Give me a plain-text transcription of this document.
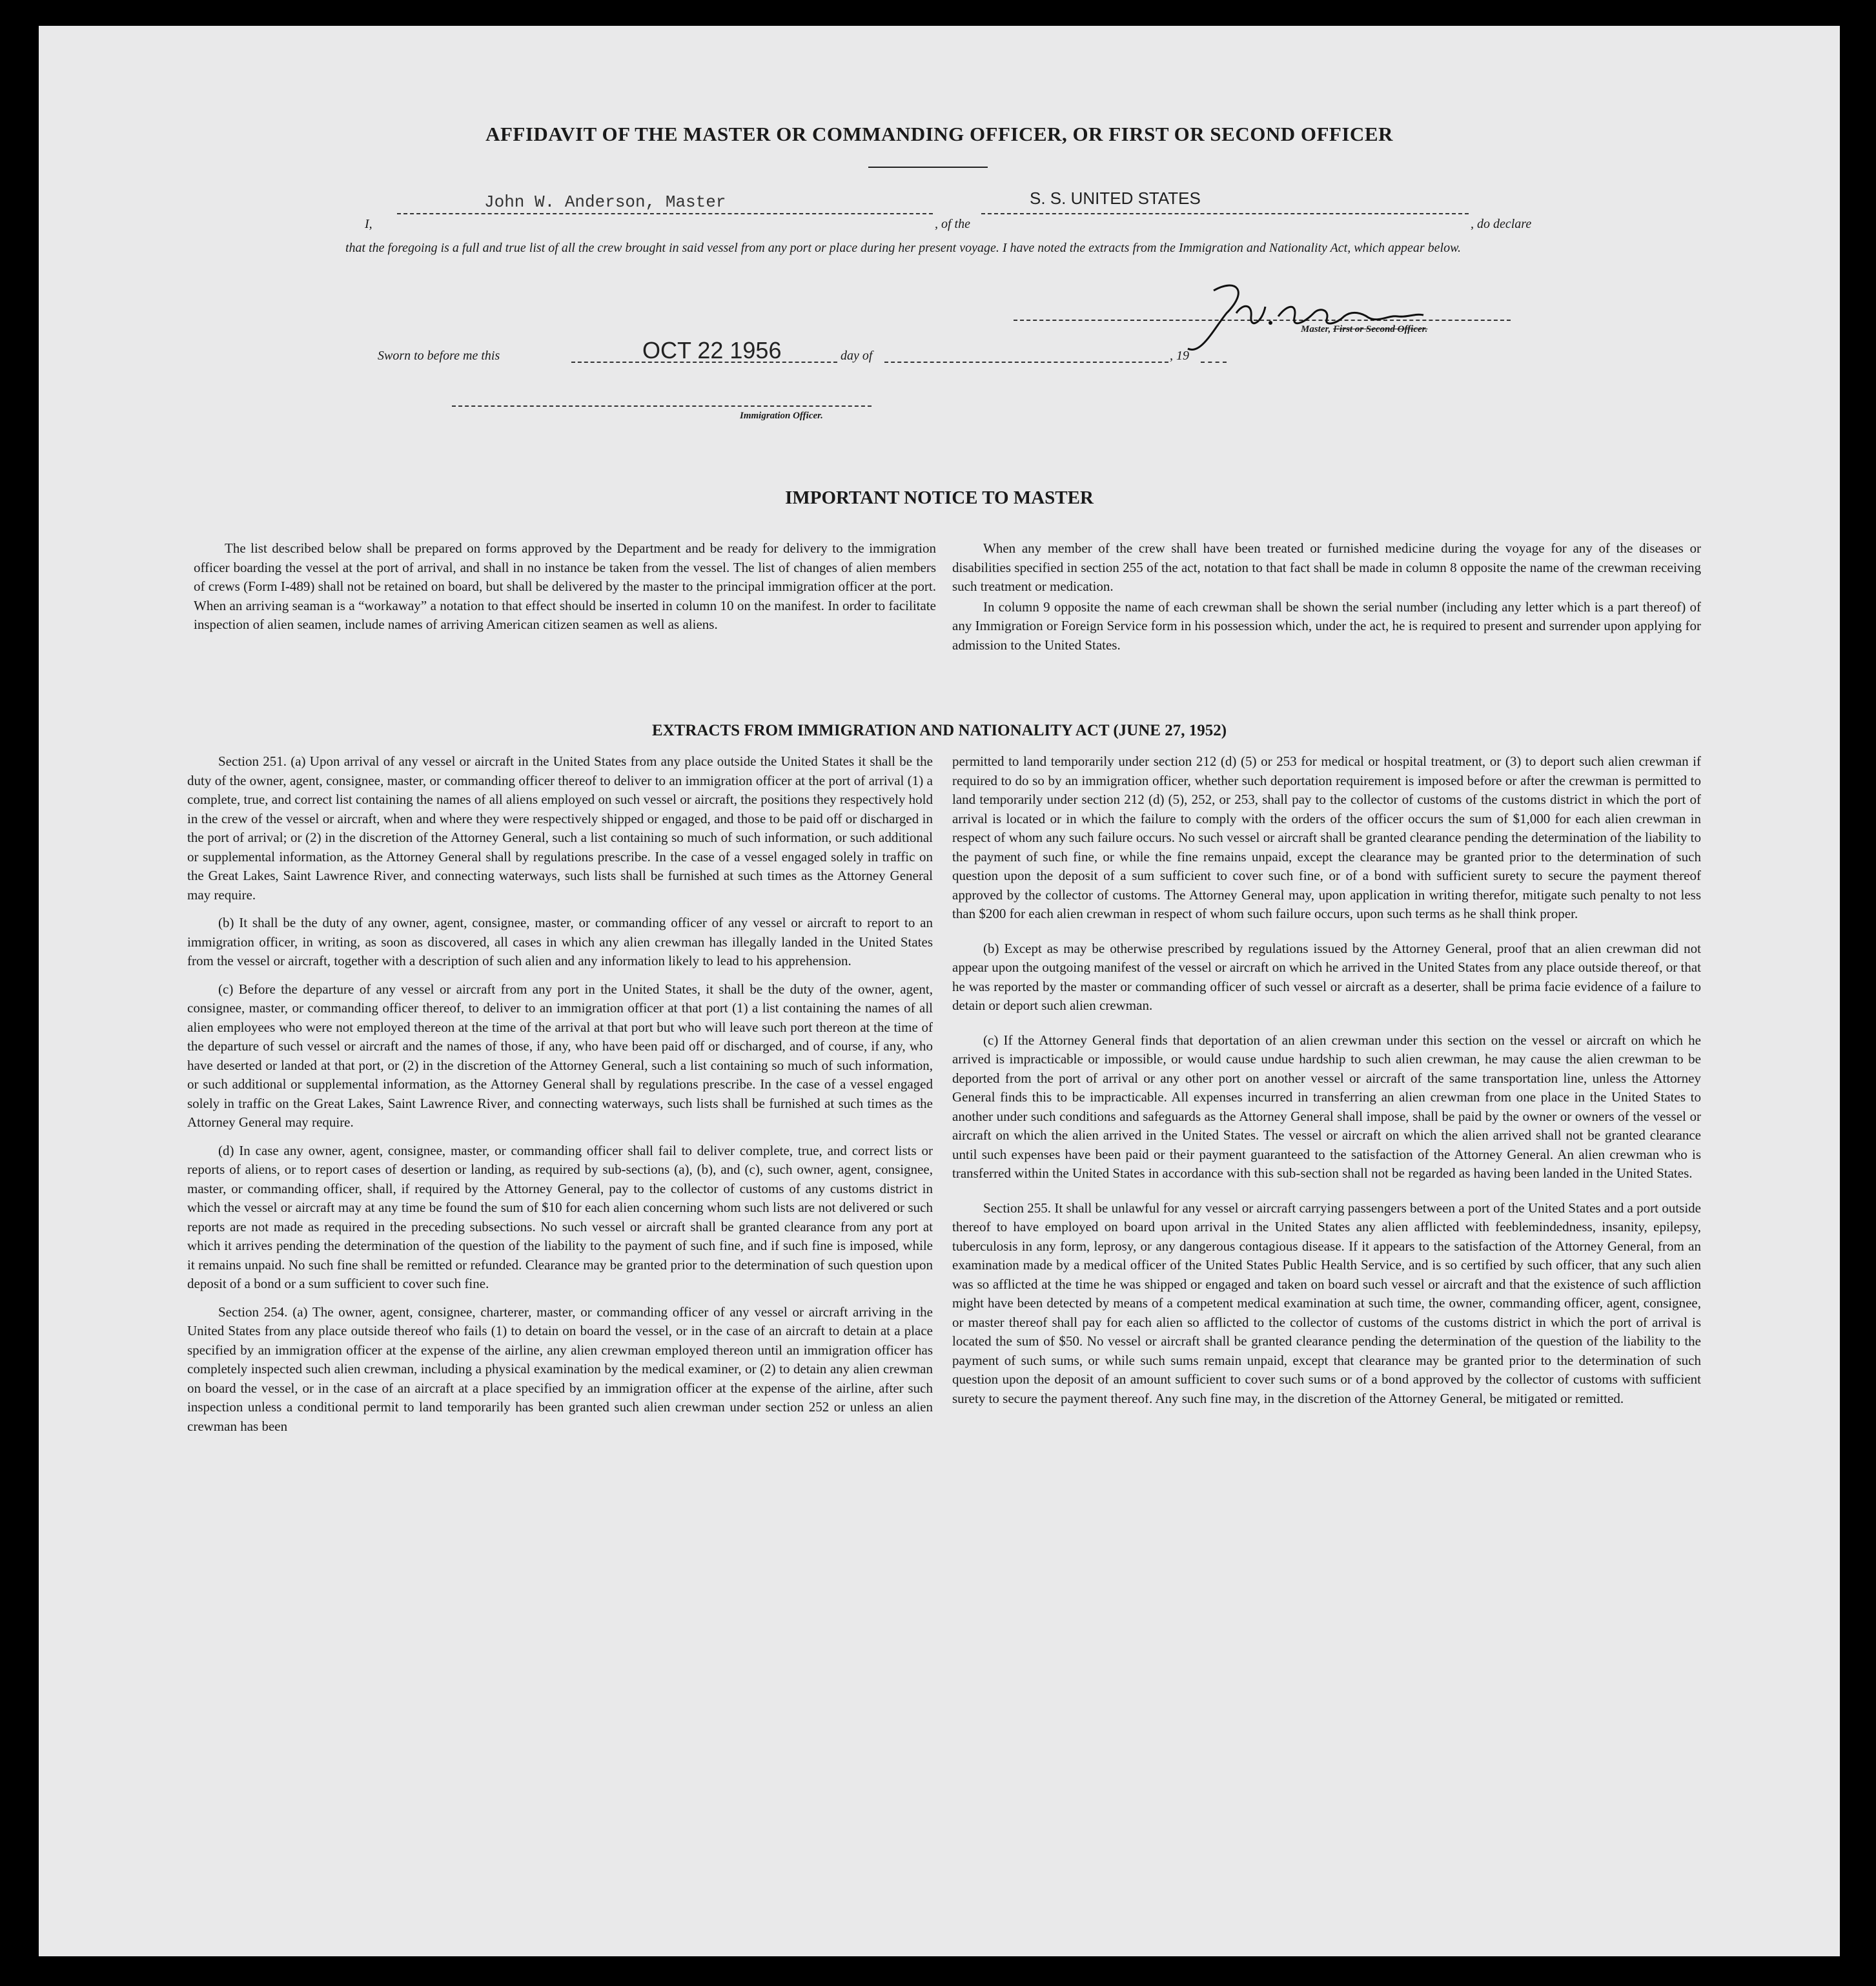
AFFIDAVIT OF THE MASTER OR COMMANDING OFFICER, OR FIRST OR SECOND OFFICER
I,
John W. Anderson, Master
, of the
S. S. UNITED STATES
, do declare
that the foregoing is a full and true list of all the crew brought in said vessel from any port or place during her present voyage. I have noted the extracts from the Immigration and Nationality Act, which appear below.
Master, First or Second Officer.
Sworn to before me this	OCT 22 1956	day of	, 19
Immigration Officer.
IMPORTANT NOTICE TO MASTER

The list described below shall be prepared on forms approved by the Department and be ready for delivery to the immigration officer boarding the vessel at the port of arrival, and shall in no instance be taken from the vessel. The list of changes of alien members of crews (Form I-489) shall not be retained on board, but shall be delivered by the master to the principal immigration officer at the port. When an arriving seaman is a “workaway” a notation to that effect should be inserted in column 10 on the manifest. In order to facilitate inspection of alien seamen, include names of arriving American citizen seamen as well as aliens.

When any member of the crew shall have been treated or furnished medicine during the voyage for any of the diseases or disabilities specified in section 255 of the act, notation to that fact shall be made in column 8 opposite the name of the crewman receiving such treatment or medication.

In column 9 opposite the name of each crewman shall be shown the serial number (including any letter which is a part thereof) of any Immigration or Foreign Service form in his possession which, under the act, he is required to present and surrender upon applying for admission to the United States.

EXTRACTS FROM IMMIGRATION AND NATIONALITY ACT (JUNE 27, 1952)

Section 251. (a) Upon arrival of any vessel or aircraft in the United States from any place outside the United States it shall be the duty of the owner, agent, consignee, master, or commanding officer thereof to deliver to an immigration officer at the port of arrival (1) a complete, true, and correct list containing the names of all aliens employed on such vessel or aircraft, the positions they respectively hold in the crew of the vessel or aircraft, when and where they were respectively shipped or engaged, and those to be paid off or discharged in the port of arrival; or (2) in the discretion of the Attorney General, such a list containing so much of such information, or such additional or supplemental information, as the Attorney General shall by regulations prescribe. In the case of a vessel engaged solely in traffic on the Great Lakes, Saint Lawrence River, and connecting waterways, such lists shall be furnished at such times as the Attorney General may require.

(b) It shall be the duty of any owner, agent, consignee, master, or commanding officer of any vessel or aircraft to report to an immigration officer, in writing, as soon as discovered, all cases in which any alien crewman has illegally landed in the United States from the vessel or aircraft, together with a description of such alien and any information likely to lead to his apprehension.

(c) Before the departure of any vessel or aircraft from any port in the United States, it shall be the duty of the owner, agent, consignee, master, or commanding officer thereof, to deliver to an immigration officer at that port (1) a list containing the names of all alien employees who were not employed thereon at the time of the arrival at that port but who will leave such port thereon at the time of the departure of such vessel or aircraft and the names of those, if any, who have been paid off or discharged, and of course, if any, who have deserted or landed at that port, or (2) in the discretion of the Attorney General, such a list containing so much of such information, or such additional or supplemental information, as the Attorney General shall by regulations prescribe. In the case of a vessel engaged solely in traffic on the Great Lakes, Saint Lawrence River, and connecting waterways, such lists shall be furnished at such times as the Attorney General may require.

(d) In case any owner, agent, consignee, master, or commanding officer shall fail to deliver complete, true, and correct lists or reports of aliens, or to report cases of desertion or landing, as required by sub-sections (a), (b), and (c), such owner, agent, consignee, master, or commanding officer, shall, if required by the Attorney General, pay to the collector of customs of any customs district in which the vessel or aircraft may at any time be found the sum of $10 for each alien concerning whom such lists are not delivered or such reports are not made as required in the preceding subsections. No such vessel or aircraft shall be granted clearance from any port at which it arrives pending the determination of the question of the liability to the payment of such fine, and if such fine is imposed, while it remains unpaid. No such fine shall be remitted or refunded. Clearance may be granted prior to the determination of such question upon deposit of a bond or a sum sufficient to cover such fine.

Section 254. (a) The owner, agent, consignee, charterer, master, or commanding officer of any vessel or aircraft arriving in the United States from any place outside thereof who fails (1) to detain on board the vessel, or in the case of an aircraft to detain at a place specified by an immigration officer at the expense of the airline, any alien crewman employed thereon until an immigration officer has completely inspected such alien crewman, including a physical examination by the medical examiner, or (2) to detain any alien crewman on board the vessel, or in the case of an aircraft at a place specified by an immigration officer at the expense of the airline, after such inspection unless a conditional permit to land temporarily has been granted such alien crewman under section 252 or unless an alien crewman has been

permitted to land temporarily under section 212 (d) (5) or 253 for medical or hospital treatment, or (3) to deport such alien crewman if required to do so by an immigration officer, whether such deportation requirement is imposed before or after the crewman is permitted to land temporarily under section 212 (d) (5), 252, or 253, shall pay to the collector of customs of the customs district in which the port of arrival is located or in which the failure to comply with the orders of the officer occurs the sum of $1,000 for each alien crewman in respect of whom any such failure occurs. No such vessel or aircraft shall be granted clearance pending the determination of the liability to the payment of such fine, or while the fine remains unpaid, except the clearance may be granted prior to the determination of such question upon the deposit of a sum sufficient to cover such fine, or of a bond with sufficient surety to secure the payment thereof approved by the collector of customs. The Attorney General may, upon application in writing therefor, mitigate such penalty to not less than $200 for each alien crewman in respect of whom such failure occurs, upon such terms as he shall think proper.

(b) Except as may be otherwise prescribed by regulations issued by the Attorney General, proof that an alien crewman did not appear upon the outgoing manifest of the vessel or aircraft on which he arrived in the United States from any place outside thereof, or that he was reported by the master or commanding officer of such vessel or aircraft as a deserter, shall be prima facie evidence of a failure to detain or deport such alien crewman.

(c) If the Attorney General finds that deportation of an alien crewman under this section on the vessel or aircraft on which he arrived is impracticable or impossible, or would cause undue hardship to such alien crewman, he may cause the alien crewman to be deported from the port of arrival or any other port on another vessel or aircraft of the same transportation line, unless the Attorney General finds this to be impracticable. All expenses incurred in transferring an alien crewman from one place in the United States to another under such conditions and safeguards as the Attorney General shall impose, shall be paid by the owner or owners of the vessel or aircraft on which the alien arrived in the United States. The vessel or aircraft on which the alien arrived shall not be granted clearance until such expenses have been paid or their payment guaranteed to the satisfaction of the Attorney General. An alien crewman who is transferred within the United States in accordance with this sub-section shall not be regarded as having been landed in the United States.

Section 255. It shall be unlawful for any vessel or aircraft carrying passengers between a port of the United States and a port outside thereof to have employed on board upon arrival in the United States any alien afflicted with feeblemindedness, insanity, epilepsy, tuberculosis in any form, leprosy, or any dangerous contagious disease. If it appears to the satisfaction of the Attorney General, from an examination made by a medical officer of the United States Public Health Service, and is so certified by such officer, that any such alien was so afflicted at the time he was shipped or engaged and taken on board such vessel or aircraft and that the existence of such affliction might have been detected by means of a competent medical examination at such time, the owner, commanding officer, agent, consignee, or master thereof shall pay for each alien so afflicted to the collector of customs of the customs district in which the port of arrival is located the sum of $50. No vessel or aircraft shall be granted clearance pending the determination of the question of the liability to the payment of such sums, or while such sums remain unpaid, except that clearance may be granted prior to the determination of such question upon the deposit of an amount sufficient to cover such sums or of a bond approved by the collector of customs with sufficient surety to secure the payment thereof. Any such fine may, in the discretion of the Attorney General, be mitigated or remitted.
